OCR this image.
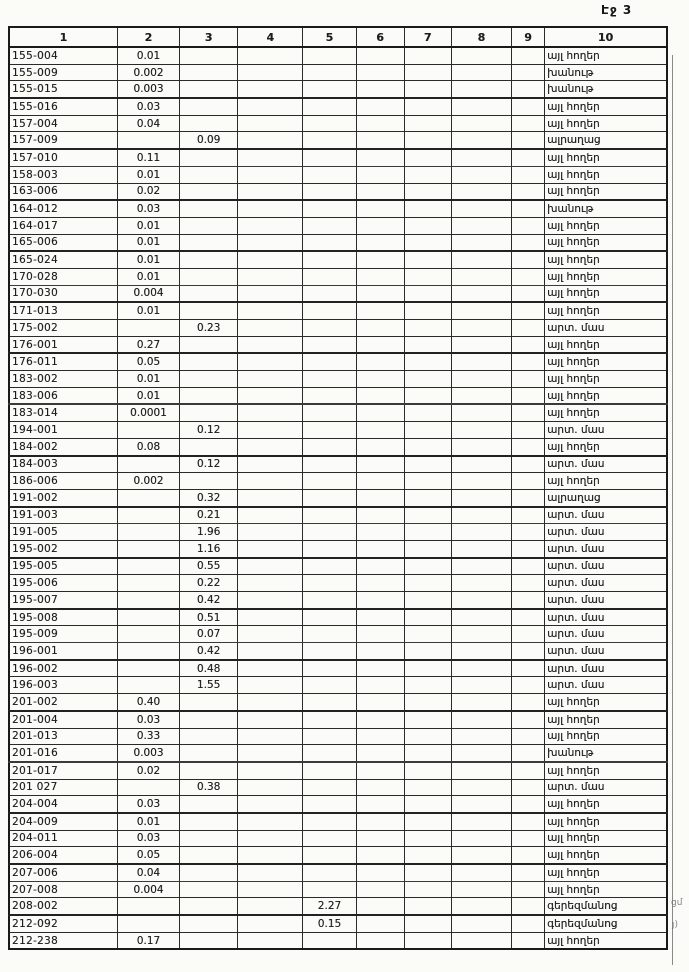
Էջ 3
1	2	3	4	5	6	7	8	9	10
155-004	0.01								այլ հողեր
155-009	0.002								խանութ
155-015	0.003								խանութ
155-016	0.03								այլ հողեր
157-004	0.04								այլ հողեր
157-009		0.09							ալրաղաց
157-010	0.11								այլ հողեր
158-003	0.01								այլ հողեր
163-006	0.02								այլ հողեր
164-012	0.03								խանութ
164-017	0.01								այլ հողեր
165-006	0.01								այլ հողեր
165-024	0.01								այլ հողեր
170-028	0.01								այլ հողեր
170-030	0.004								այլ հողեր
171-013	0.01								այլ հողեր
175-002		0.23							արտ. մաս
176-001	0.27								այլ հողեր
176-011	0.05								այլ հողեր
183-002	0.01								այլ հողեր
183-006	0.01								այլ հողեր
183-014	0.0001								այլ հողեր
194-001		0.12							արտ. մաս
184-002	0.08								այլ հողեր
184-003		0.12							արտ. մաս
186-006	0.002								այլ հողեր
191-002		0.32							ալրաղաց
191-003		0.21							արտ. մաս
191-005		1.96							արտ. մաս
195-002		1.16							արտ. մաս
195-005		0.55							արտ. մաս
195-006		0.22							արտ. մաս
195-007		0.42							արտ. մաս
195-008		0.51							արտ. մաս
195-009		0.07							արտ. մաս
196-001		0.42							արտ. մաս
196-002		0.48							արտ. մաս
196-003		1.55							արտ. մաս
201-002	0.40								այլ հողեր
201-004	0.03								այլ հողեր
201-013	0.33								այլ հողեր
201-016	0.003								խանութ
201-017	0.02								այլ հողեր
201 027		0.38							արտ. մաս
204-004	0.03								այլ հողեր
204-009	0.01								այլ հողեր
204-011	0.03								այլ հողեր
206-004	0.05								այլ հողեր
207-006	0.04								այլ հողեր
207-008	0.004								այլ հողեր
208-002				2.27					գերեզմանոց
212-092				0.15					գերեզմանոց
212-238	0.17								այլ հողեր
ցմ
յ)
